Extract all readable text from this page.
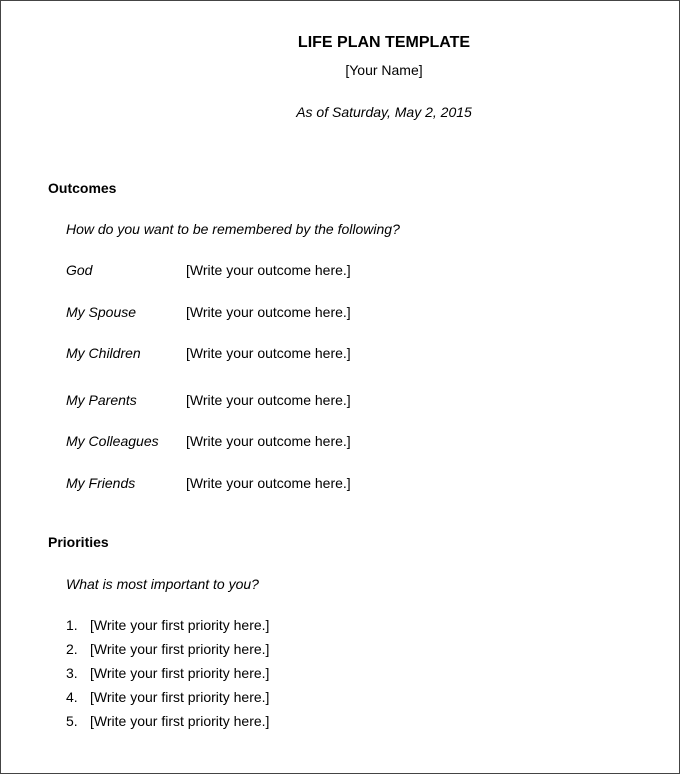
LIFE PLAN TEMPLATE
[Your Name]
As of Saturday, May 2, 2015
Outcomes
How do you want to be remembered by the following?
God	[Write your outcome here.]
My Spouse	[Write your outcome here.]
My Children	[Write your outcome here.]
My Parents	[Write your outcome here.]
My Colleagues [Write your outcome here.]
My Friends	[Write your outcome here.]
Priorities
What is most important to you?
1. [Write your first priority here.]
2. [Write your first priority here.]
3. [Write your first priority here.]
4. [Write your first priority here.]
5. [Write your first priority here.]
